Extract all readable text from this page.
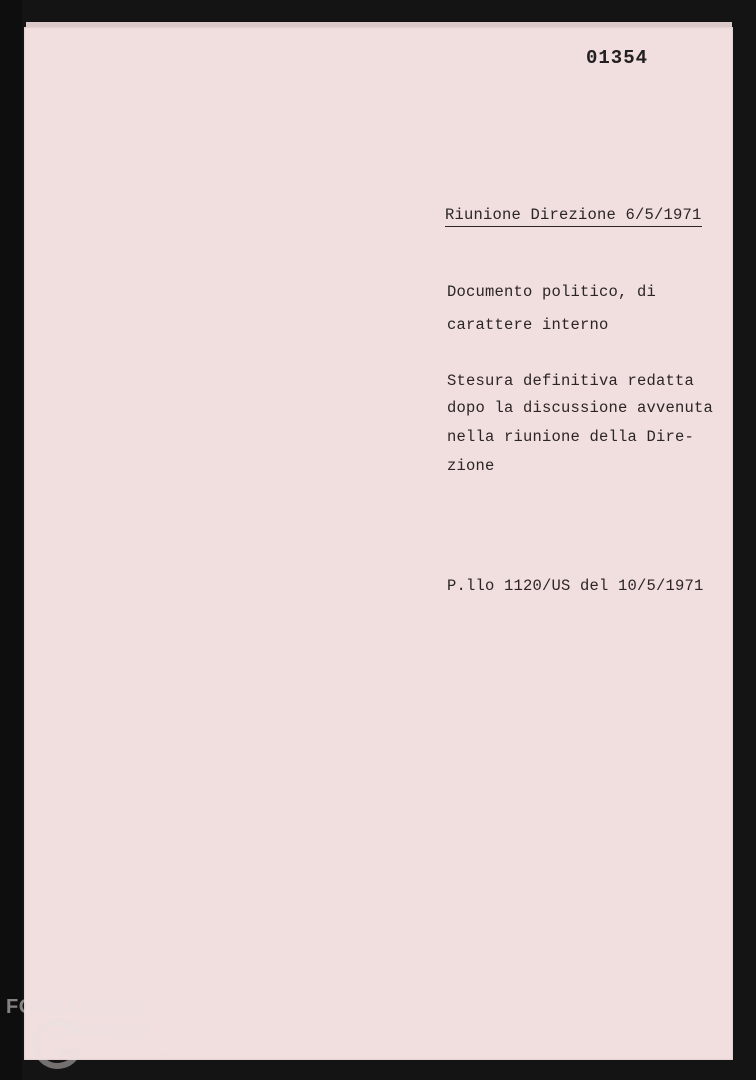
01354
Riunione Direzione 6/5/1971
Documento politico, di
carattere interno
Stesura definitiva redatta
dopo la discussione avvenuta
nella riunione della Dire-
zione
P.llo 1120/US del 10/5/1971
FONDAZIONE
GRAMSCI
onlus
